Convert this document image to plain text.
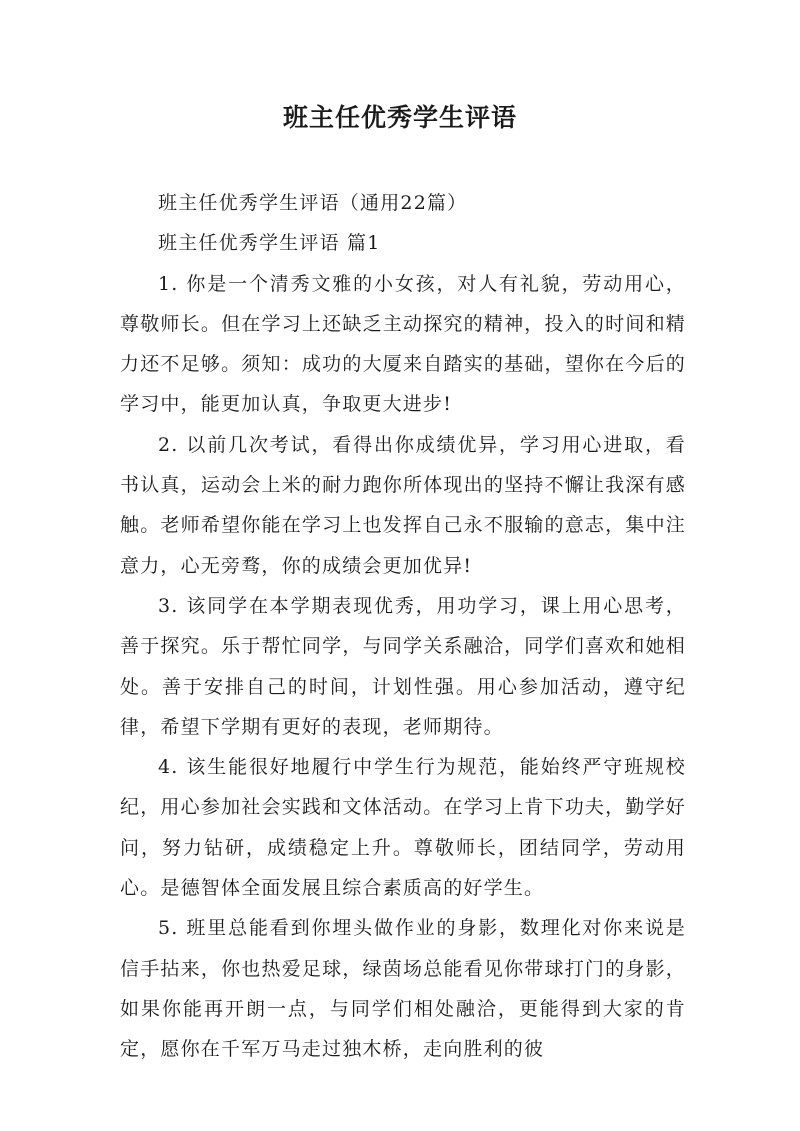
班主任优秀学生评语

班主任优秀学生评语（通用22篇）

班主任优秀学生评语 篇1

1. 你是一个清秀文雅的小女孩，对人有礼貌，劳动用心，尊敬师长。但在学习上还缺乏主动探究的精神，投入的时间和精力还不足够。须知：成功的大厦来自踏实的基础，望你在今后的学习中，能更加认真，争取更大进步!

2. 以前几次考试，看得出你成绩优异，学习用心进取，看书认真，运动会上米的耐力跑你所体现出的坚持不懈让我深有感触。老师希望你能在学习上也发挥自己永不服输的意志，集中注意力，心无旁骛，你的成绩会更加优异!

3. 该同学在本学期表现优秀，用功学习，课上用心思考，善于探究。乐于帮忙同学，与同学关系融洽，同学们喜欢和她相处。善于安排自己的时间，计划性强。用心参加活动，遵守纪律，希望下学期有更好的表现，老师期待。

4. 该生能很好地履行中学生行为规范，能始终严守班规校纪，用心参加社会实践和文体活动。在学习上肯下功夫，勤学好问，努力钻研，成绩稳定上升。尊敬师长，团结同学，劳动用心。是德智体全面发展且综合素质高的好学生。

5. 班里总能看到你埋头做作业的身影，数理化对你来说是信手拈来，你也热爱足球，绿茵场总能看见你带球打门的身影，如果你能再开朗一点，与同学们相处融洽，更能得到大家的肯定，愿你在千军万马走过独木桥，走向胜利的彼
